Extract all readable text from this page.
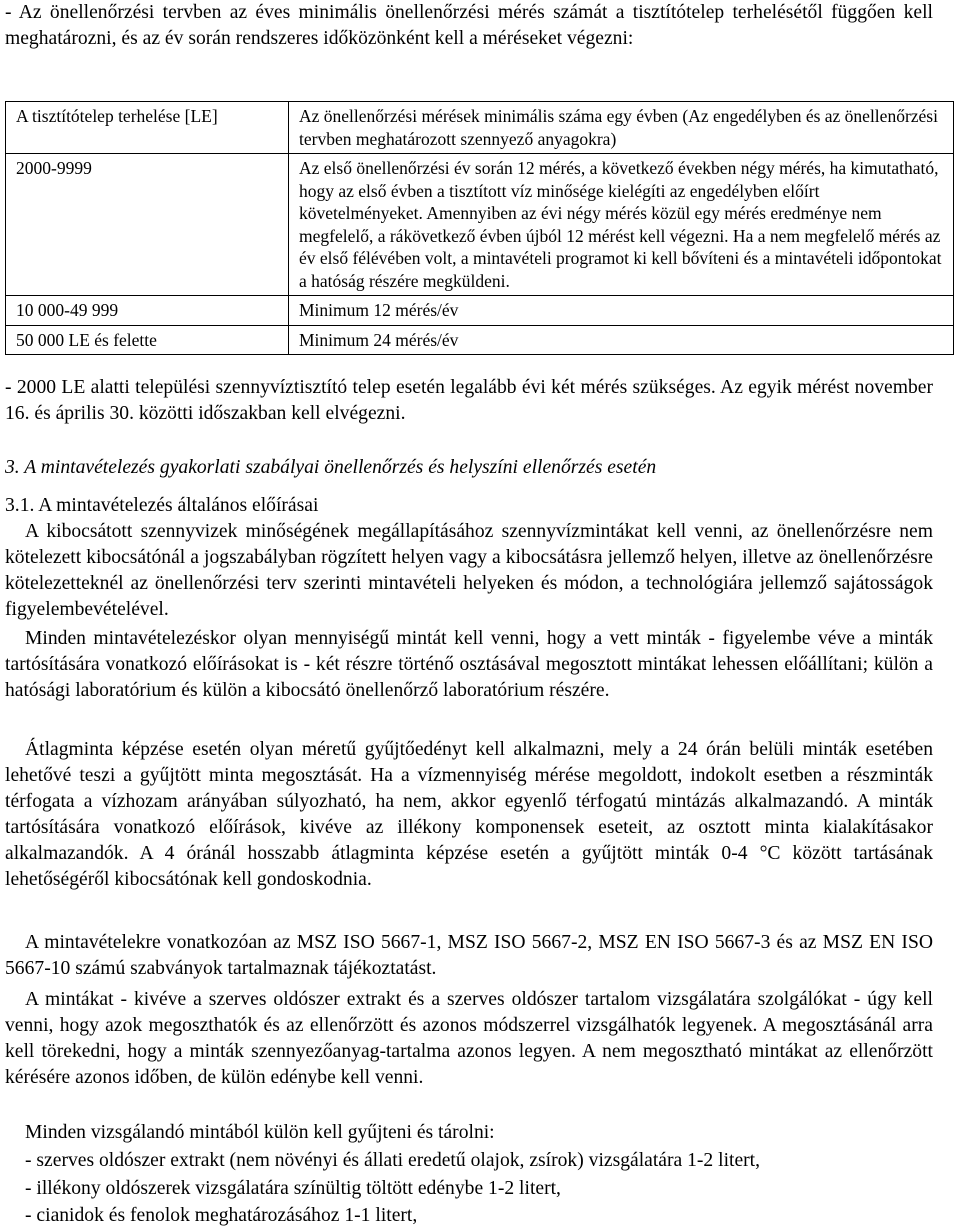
- Az önellenőrzési tervben az éves minimális önellenőrzési mérés számát a tisztítótelep terhelésétől függően kell meghatározni, és az év során rendszeres időközönként kell a méréseket végezni:

A tisztítótelep terhelése [LE]	Az önellenőrzési mérések minimális száma egy évben (Az engedélyben és az önellenőrzési tervben meghatározott szennyező anyagokra)
2000-9999	Az első önellenőrzési év során 12 mérés, a következő években négy mérés, ha kimutatható, hogy az első évben a tisztított víz minősége kielégíti az engedélyben előírt követelményeket. Amennyiben az évi négy mérés közül egy mérés eredménye nem megfelelő, a rákövetkező évben újból 12 mérést kell végezni. Ha a nem megfelelő mérés az év első félévében volt, a mintavételi programot ki kell bővíteni és a mintavételi időpontokat a hatóság részére megküldeni.
10 000-49 999	Minimum 12 mérés/év
50 000 LE és felette	Minimum 24 mérés/év

- 2000 LE alatti települési szennyvíztisztító telep esetén legalább évi két mérés szükséges. Az egyik mérést november 16. és április 30. közötti időszakban kell elvégezni.

3. A mintavételezés gyakorlati szabályai önellenőrzés és helyszíni ellenőrzés esetén

3.1. A mintavételezés általános előírásai

A kibocsátott szennyvizek minőségének megállapításához szennyvízmintákat kell venni, az önellenőrzésre nem kötelezett kibocsátónál a jogszabályban rögzített helyen vagy a kibocsátásra jellemző helyen, illetve az önellenőrzésre kötelezetteknél az önellenőrzési terv szerinti mintavételi helyeken és módon, a technológiára jellemző sajátosságok figyelembevételével.

Minden mintavételezéskor olyan mennyiségű mintát kell venni, hogy a vett minták - figyelembe véve a minták tartósítására vonatkozó előírásokat is - két részre történő osztásával megosztott mintákat lehessen előállítani; külön a hatósági laboratórium és külön a kibocsátó önellenőrző laboratórium részére.

Átlagminta képzése esetén olyan méretű gyűjtőedényt kell alkalmazni, mely a 24 órán belüli minták esetében lehetővé teszi a gyűjtött minta megosztását. Ha a vízmennyiség mérése megoldott, indokolt esetben a részminták térfogata a vízhozam arányában súlyozható, ha nem, akkor egyenlő térfogatú mintázás alkalmazandó. A minták tartósítására vonatkozó előírások, kivéve az illékony komponensek eseteit, az osztott minta kialakításakor alkalmazandók. A 4 óránál hosszabb átlagminta képzése esetén a gyűjtött minták 0-4 °C között tartásának lehetőségéről kibocsátónak kell gondoskodnia.

A mintavételekre vonatkozóan az MSZ ISO 5667-1, MSZ ISO 5667-2, MSZ EN ISO 5667-3 és az MSZ EN ISO 5667-10 számú szabványok tartalmaznak tájékoztatást.

A mintákat - kivéve a szerves oldószer extrakt és a szerves oldószer tartalom vizsgálatára szolgálókat - úgy kell venni, hogy azok megoszthatók és az ellenőrzött és azonos módszerrel vizsgálhatók legyenek. A megosztásánál arra kell törekedni, hogy a minták szennyezőanyag-tartalma azonos legyen. A nem megosztható mintákat az ellenőrzött kérésére azonos időben, de külön edénybe kell venni.

Minden vizsgálandó mintából külön kell gyűjteni és tárolni:

- szerves oldószer extrakt (nem növényi és állati eredetű olajok, zsírok) vizsgálatára 1-2 litert,

- illékony oldószerek vizsgálatára színültig töltött edénybe 1-2 litert,

- cianidok és fenolok meghatározásához 1-1 litert,
